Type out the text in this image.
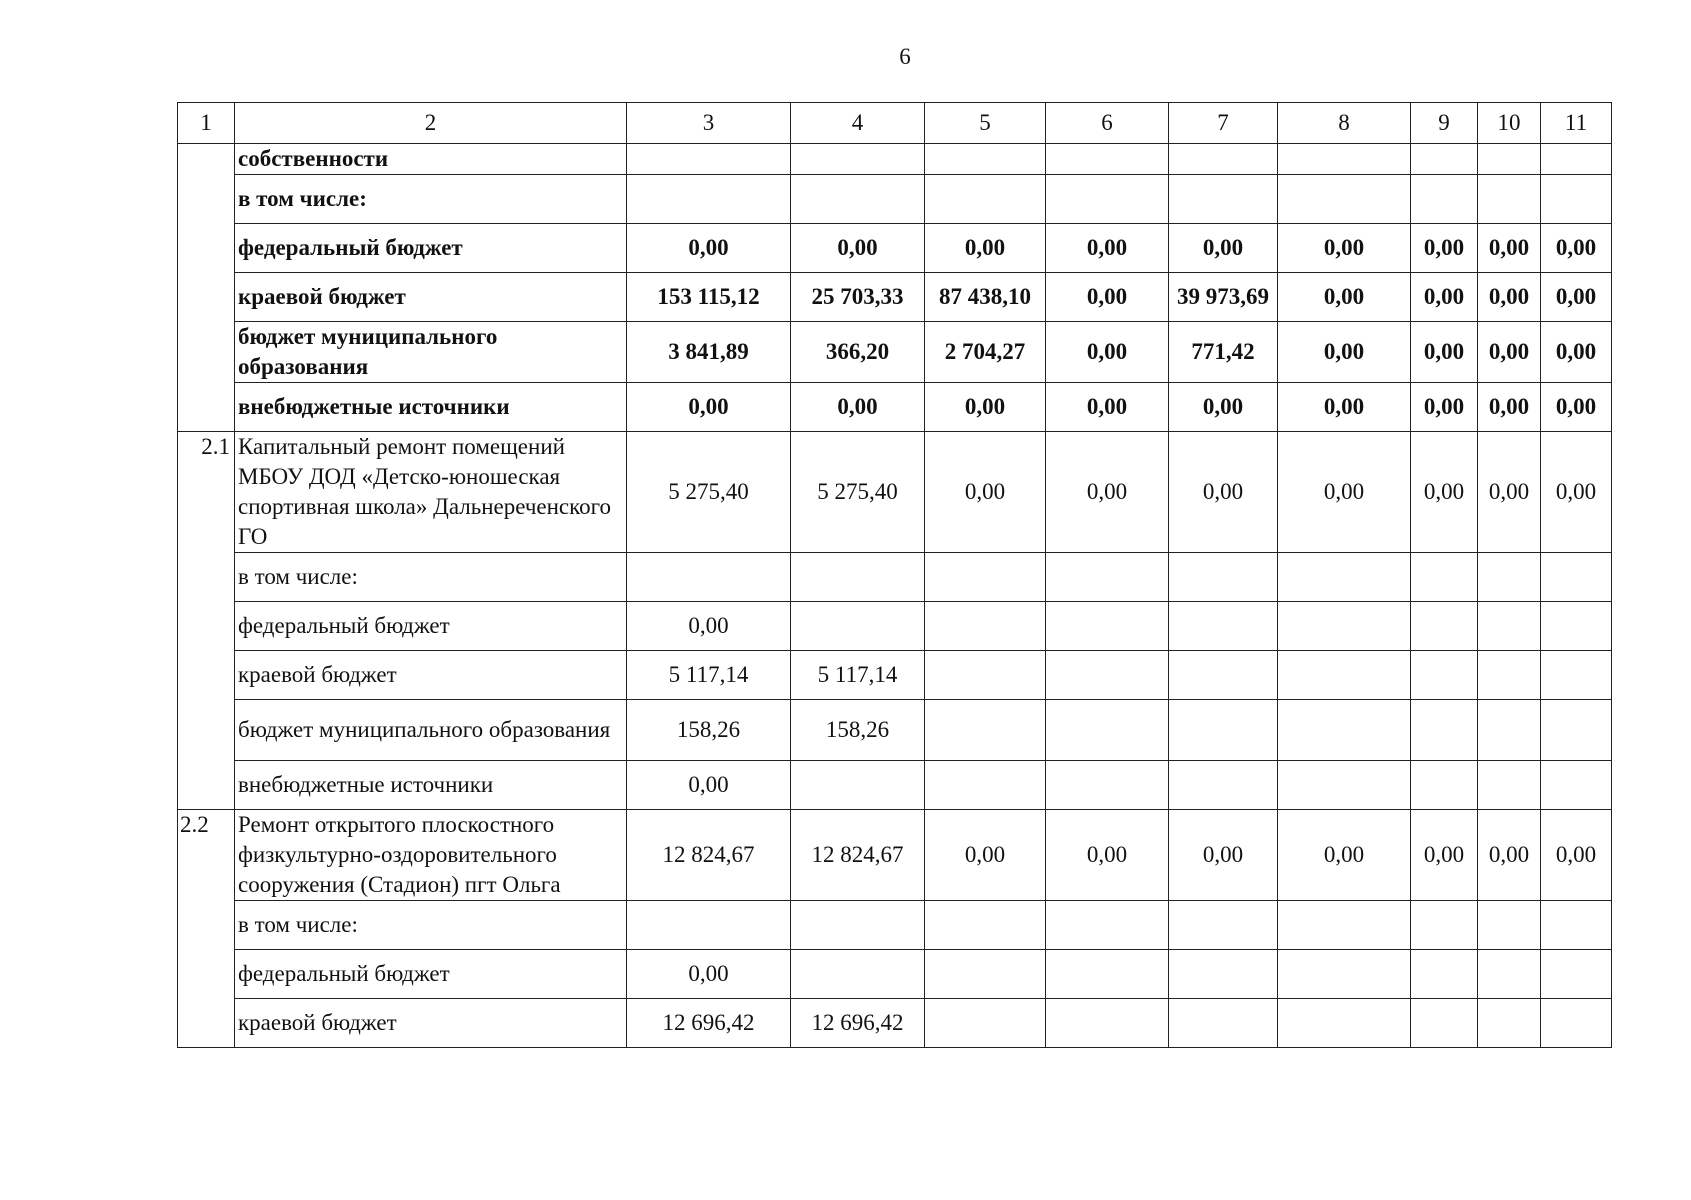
6
1	2	3	4	5	6	7	8	9	10	11
	собственности									
	в том числе:									
	федеральный бюджет	0,00	0,00	0,00	0,00	0,00	0,00	0,00	0,00	0,00
	краевой бюджет	153 115,12	25 703,33	87 438,10	0,00	39 973,69	0,00	0,00	0,00	0,00
	бюджет муниципального образования	3 841,89	366,20	2 704,27	0,00	771,42	0,00	0,00	0,00	0,00
	внебюджетные источники	0,00	0,00	0,00	0,00	0,00	0,00	0,00	0,00	0,00
2.1	Капитальный ремонт помещений МБОУ ДОД «Детско-юношеская спортивная школа» Дальнереченского ГО	5 275,40	5 275,40	0,00	0,00	0,00	0,00	0,00	0,00	0,00
	в том числе:									
	федеральный бюджет	0,00								
	краевой бюджет	5 117,14	5 117,14							
	бюджет муниципального образования	158,26	158,26							
	внебюджетные источники	0,00								
2.2	Ремонт открытого плоскостного физкультурно-оздоровительного сооружения (Стадион) пгт Ольга	12 824,67	12 824,67	0,00	0,00	0,00	0,00	0,00	0,00	0,00
	в том числе:									
	федеральный бюджет	0,00								
	краевой бюджет	12 696,42	12 696,42							
